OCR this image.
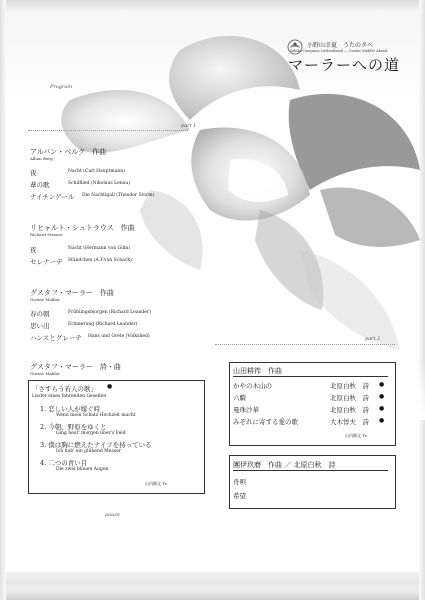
小野山幸夏　うたのタベ
Yukiko Onoyama Liederabend — Gustav Mahler Abend
マーラーへの道
Program
part 1
アルバン・ベルク　作曲
Alban Berg
夜	Nacht (Carl Hauptmann)
葦の歌	Schilflied (Nikolaus Lenau)
ナイチンゲール Die Nachtigall (Theodor Storm)
リヒャルト・シュトラウス　作曲
Richard Strauss
夜	Nacht (Hermann von Gilm)
セレナーデ Ständchen (A.F.von Schack)
グスタフ・マーラー　作曲
Gustav Mahler
春の朝	Frühlingsmorgen (Richard Leander)
思い出	Erinnerung (Richard Leander)
ハンスとグレーテ Hans und Grete (Volkslied)	part 2
グスタフ・マーラー　詩・曲
Gustav Mahler
「さすらう若人の歌」 ●
Lieder eines fahrenden Gesellen
1. 恋しい人が嫁ぐ時
Wenn mein Schatz Hochzeit macht
2. 今朝、野原をゆくと
Ging heut' morgen über's Feld
3. 僕は胸に燃えたナイフを持っている
Ich hab' ein glühend Messer
4. 二つの青い目
Die zwei blauen Augen
山内陽文 Tr.
山田耕筰　作曲
かやの木山の	北原白秋　詩 ●
六騎	北原白秋　詩 ●
曼珠沙華	北原白秋　詩 ●
みぞれに寄する愛の歌	大木惇夫　詩 ●
山内陽文 Tr.
團伊玖磨　作曲 ／ 北原白秋　詩
舟唄
希望
pause
